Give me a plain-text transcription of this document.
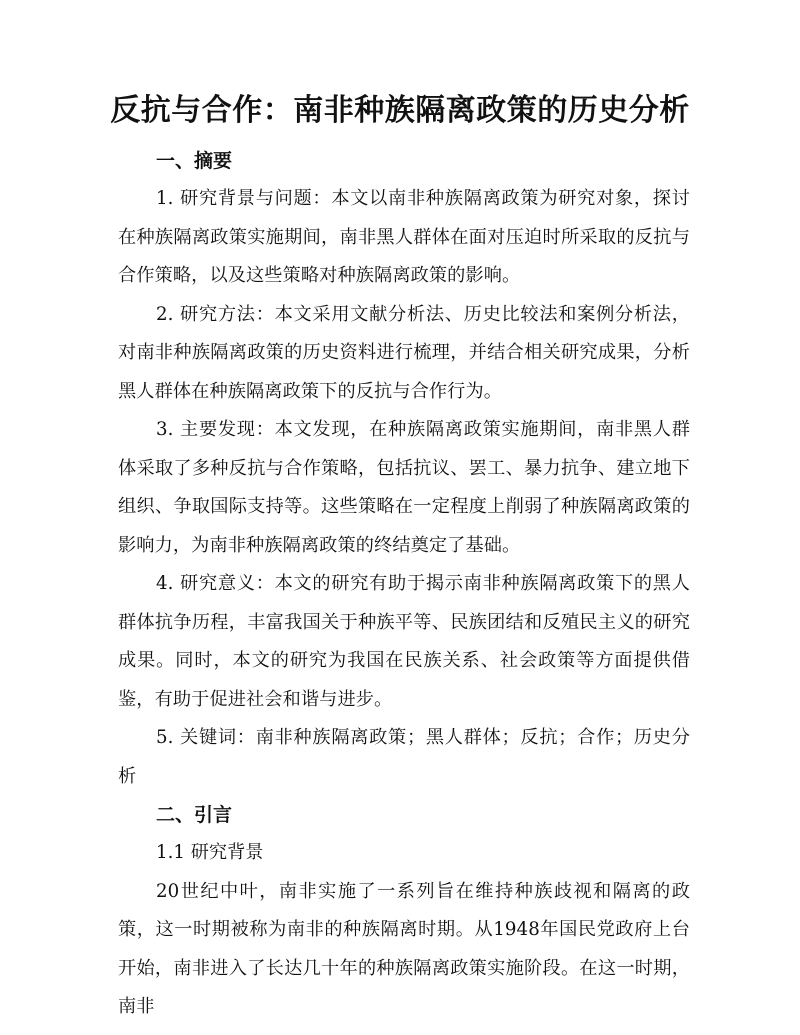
反抗与合作：南非种族隔离政策的历史分析
一、摘要

1. 研究背景与问题：本文以南非种族隔离政策为研究对象，探讨在种族隔离政策实施期间，南非黑人群体在面对压迫时所采取的反抗与合作策略，以及这些策略对种族隔离政策的影响。

2. 研究方法：本文采用文献分析法、历史比较法和案例分析法，对南非种族隔离政策的历史资料进行梳理，并结合相关研究成果，分析黑人群体在种族隔离政策下的反抗与合作行为。

3. 主要发现：本文发现，在种族隔离政策实施期间，南非黑人群体采取了多种反抗与合作策略，包括抗议、罢工、暴力抗争、建立地下组织、争取国际支持等。这些策略在一定程度上削弱了种族隔离政策的影响力，为南非种族隔离政策的终结奠定了基础。

4. 研究意义：本文的研究有助于揭示南非种族隔离政策下的黑人群体抗争历程，丰富我国关于种族平等、民族团结和反殖民主义的研究成果。同时，本文的研究为我国在民族关系、社会政策等方面提供借鉴，有助于促进社会和谐与进步。

5. 关键词：南非种族隔离政策；黑人群体；反抗；合作；历史分析

二、引言

1.1 研究背景

20世纪中叶，南非实施了一系列旨在维持种族歧视和隔离的政策，这一时期被称为南非的种族隔离时期。从1948年国民党政府上台开始，南非进入了长达几十年的种族隔离政策实施阶段。在这一时期，南非
